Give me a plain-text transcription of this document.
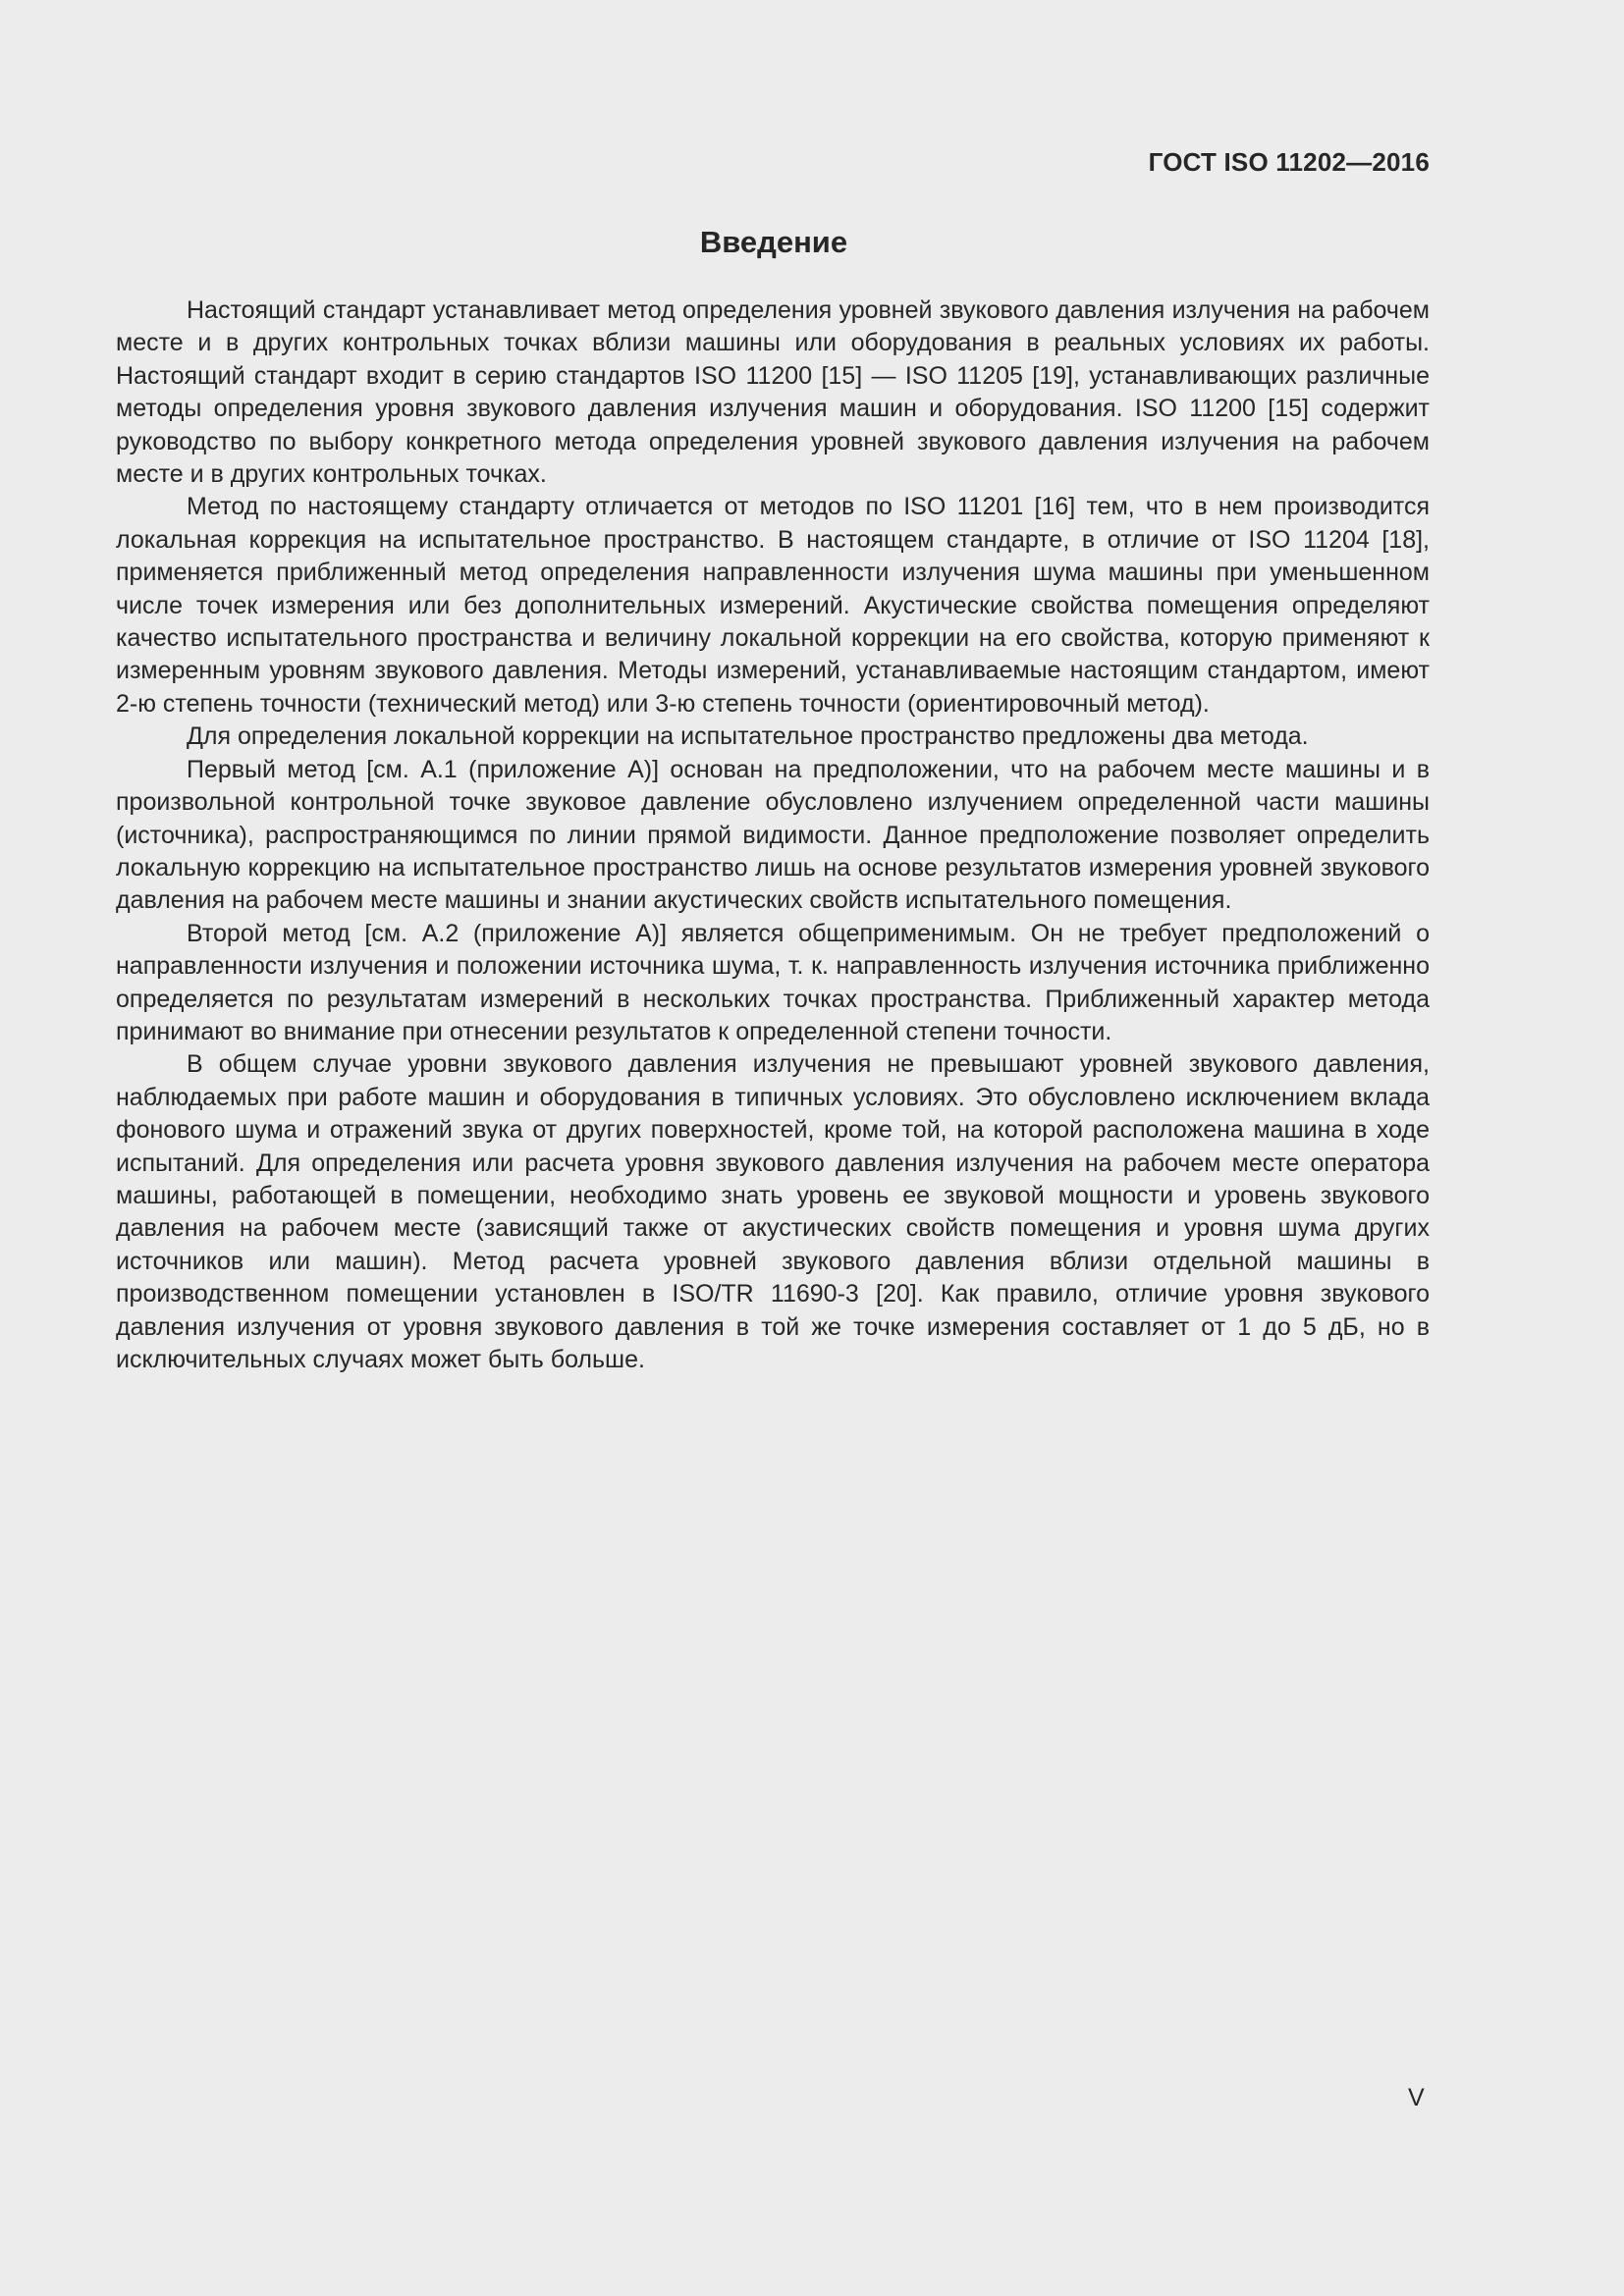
ГОСТ ISO 11202—2016
Введение

Настоящий стандарт устанавливает метод определения уровней звукового давления излучения на рабочем месте и в других контрольных точках вблизи машины или оборудования в реальных условиях их работы. Настоящий стандарт входит в серию стандартов ISO 11200 [15] — ISO 11205 [19], устанавливающих различные методы определения уровня звукового давления излучения машин и оборудования. ISO 11200 [15] содержит руководство по выбору конкретного метода определения уровней звукового давления излучения на рабочем месте и в других контрольных точках.

Метод по настоящему стандарту отличается от методов по ISO 11201 [16] тем, что в нем производится локальная коррекция на испытательное пространство. В настоящем стандарте, в отличие от ISO 11204 [18], применяется приближенный метод определения направленности излучения шума машины при уменьшенном числе точек измерения или без дополнительных измерений. Акустические свойства помещения определяют качество испытательного пространства и величину локальной коррекции на его свойства, которую применяют к измеренным уровням звукового давления. Методы измерений, устанавливаемые настоящим стандартом, имеют 2-ю степень точности (технический метод) или 3-ю степень точности (ориентировочный метод).

Для определения локальной коррекции на испытательное пространство предложены два метода.

Первый метод [см. А.1 (приложение А)] основан на предположении, что на рабочем месте машины и в произвольной контрольной точке звуковое давление обусловлено излучением определенной части машины (источника), распространяющимся по линии прямой видимости. Данное предположение позволяет определить локальную коррекцию на испытательное пространство лишь на основе результатов измерения уровней звукового давления на рабочем месте машины и знании акустических свойств испытательного помещения.

Второй метод [см. А.2 (приложение А)] является общеприменимым. Он не требует предположений о направленности излучения и положении источника шума, т. к. направленность излучения источника приближенно определяется по результатам измерений в нескольких точках пространства. Приближенный характер метода принимают во внимание при отнесении результатов к определенной степени точности.

В общем случае уровни звукового давления излучения не превышают уровней звукового давления, наблюдаемых при работе машин и оборудования в типичных условиях. Это обусловлено исключением вклада фонового шума и отражений звука от других поверхностей, кроме той, на которой расположена машина в ходе испытаний. Для определения или расчета уровня звукового давления излучения на рабочем месте оператора машины, работающей в помещении, необходимо знать уровень ее звуковой мощности и уровень звукового давления на рабочем месте (зависящий также от акустических свойств помещения и уровня шума других источников или машин). Метод расчета уровней звукового давления вблизи отдельной машины в производственном помещении установлен в ISO/TR 11690-3 [20]. Как правило, отличие уровня звукового давления излучения от уровня звукового давления в той же точке измерения составляет от 1 до 5 дБ, но в исключительных случаях может быть больше.

V
